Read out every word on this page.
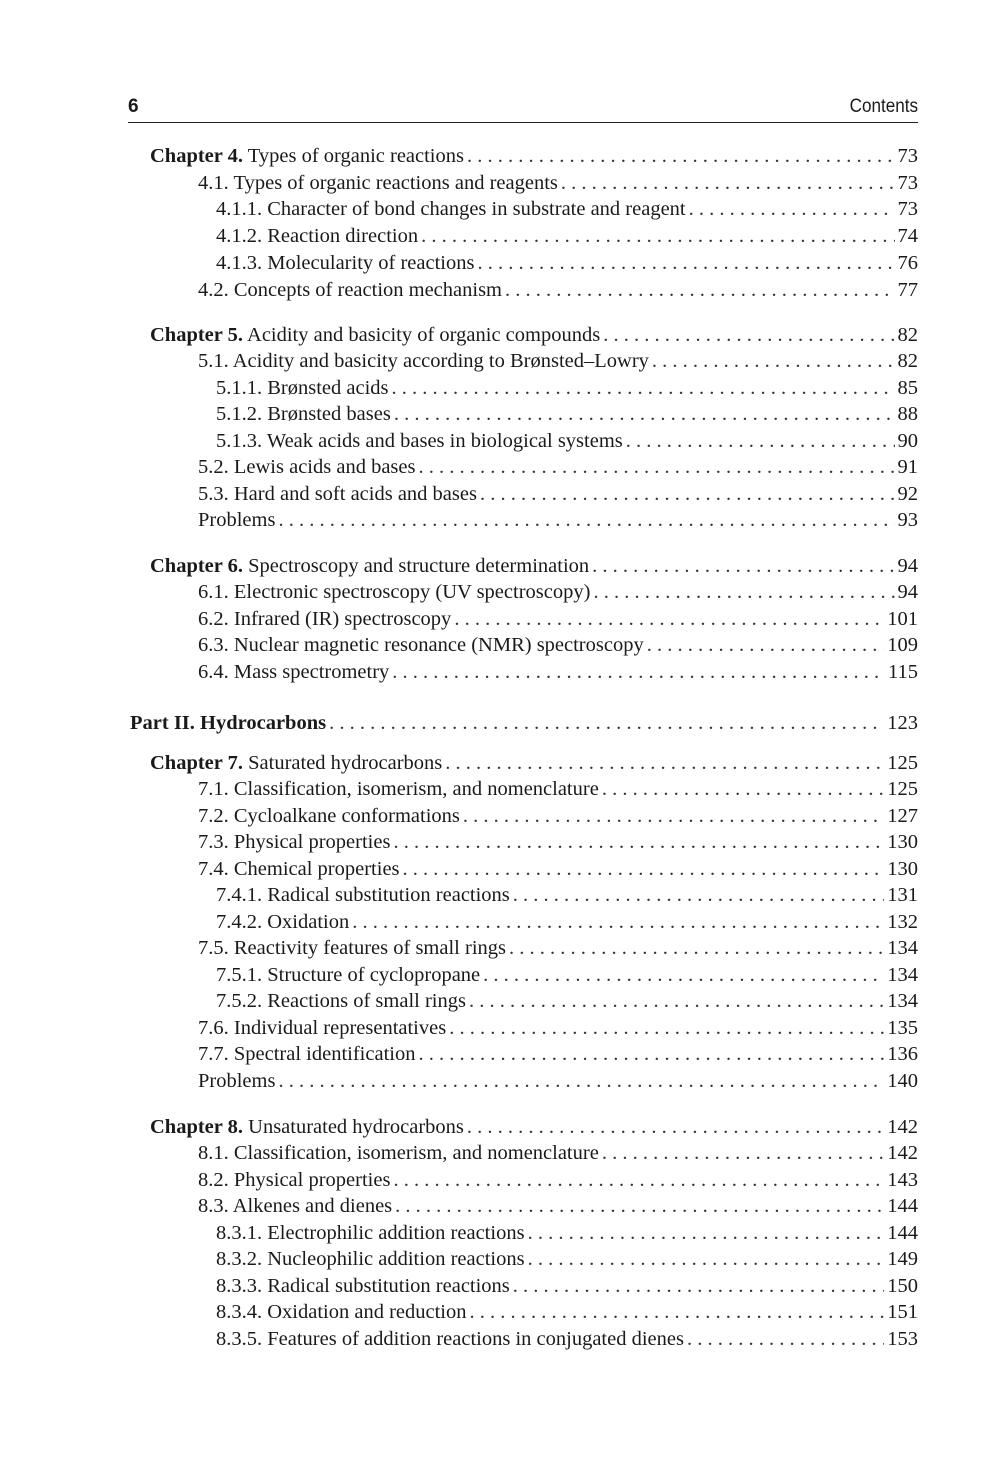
6	Contents
Chapter 4. Types of organic reactions . . .	73
4.1. Types of organic reactions and reagents . . .	73
4.1.1. Character of bond changes in substrate and reagent . . .	73
4.1.2. Reaction direction . . .	74
4.1.3. Molecularity of reactions . . .	76
4.2. Concepts of reaction mechanism . . .	77
Chapter 5. Acidity and basicity of organic compounds . . .	82
5.1. Acidity and basicity according to Brønsted–Lowry . . .	82
5.1.1. Brønsted acids . . .	85
5.1.2. Brønsted bases . . .	88
5.1.3. Weak acids and bases in biological systems . . .	90
5.2. Lewis acids and bases . . .	91
5.3. Hard and soft acids and bases . . .	92
Problems . . .	93
Chapter 6. Spectroscopy and structure determination . . .	94
6.1. Electronic spectroscopy (UV spectroscopy) . . .	94
6.2. Infrared (IR) spectroscopy . . .	101
6.3. Nuclear magnetic resonance (NMR) spectroscopy . . .	109
6.4. Mass spectrometry . . .	115
Part II. Hydrocarbons . . .	123
Chapter 7. Saturated hydrocarbons . . .	125
7.1. Classification, isomerism, and nomenclature . . .	125
7.2. Cycloalkane conformations . . .	127
7.3. Physical properties . . .	130
7.4. Chemical properties . . .	130
7.4.1. Radical substitution reactions . . .	131
7.4.2. Oxidation . . .	132
7.5. Reactivity features of small rings . . .	134
7.5.1. Structure of cyclopropane . . .	134
7.5.2. Reactions of small rings . . .	134
7.6. Individual representatives . . .	135
7.7. Spectral identification . . .	136
Problems . . .	140
Chapter 8. Unsaturated hydrocarbons . . .	142
8.1. Classification, isomerism, and nomenclature . . .	142
8.2. Physical properties . . .	143
8.3. Alkenes and dienes . . .	144
8.3.1. Electrophilic addition reactions . . .	144
8.3.2. Nucleophilic addition reactions . . .	149
8.3.3. Radical substitution reactions . . .	150
8.3.4. Oxidation and reduction . . .	151
8.3.5. Features of addition reactions in conjugated dienes . . .	153
